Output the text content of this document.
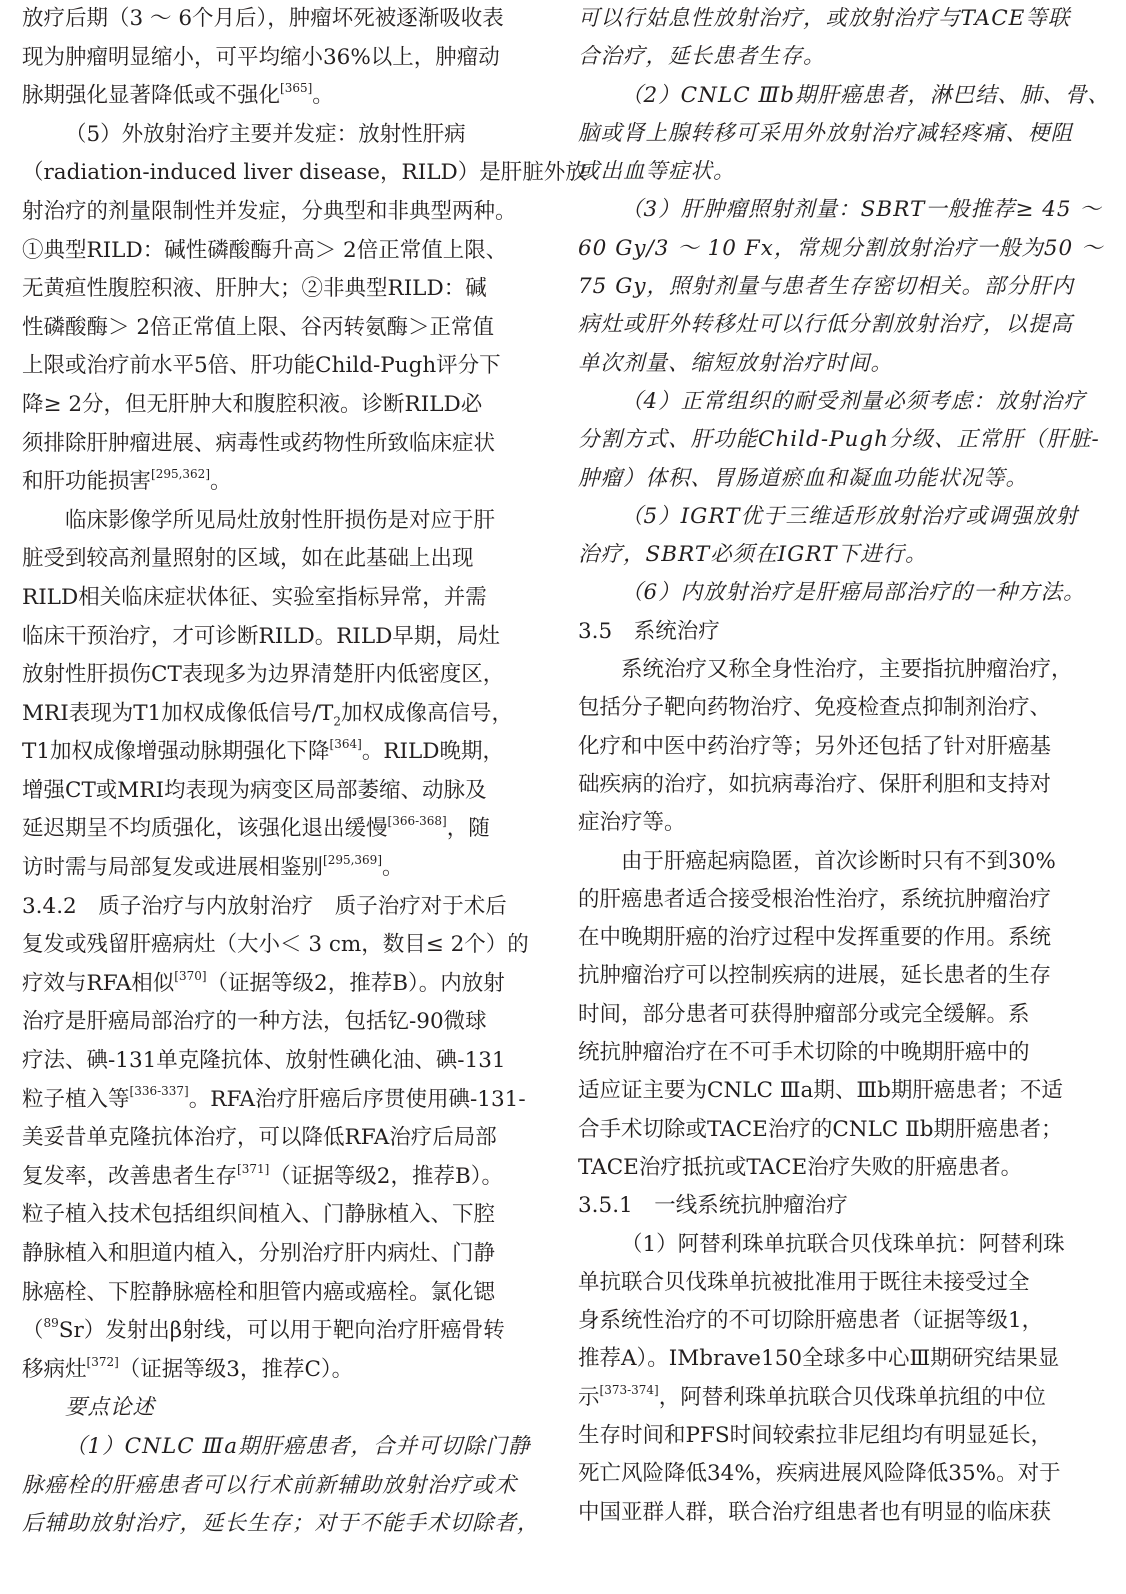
放疗后期（3 ～ 6个月后），肿瘤坏死被逐渐吸收表
现为肿瘤明显缩小，可平均缩小36%以上，肿瘤动
脉期强化显著降低或不强化[365]。
（5）外放射治疗主要并发症：放射性肝病
（radiation-induced liver disease，RILD）是肝脏外放
射治疗的剂量限制性并发症，分典型和非典型两种。
①典型RILD：碱性磷酸酶升高＞ 2倍正常值上限、
无黄疸性腹腔积液、肝肿大；②非典型RILD：碱
性磷酸酶＞ 2倍正常值上限、谷丙转氨酶＞正常值
上限或治疗前水平5倍、肝功能Child-Pugh评分下
降≥ 2分，但无肝肿大和腹腔积液。诊断RILD必
须排除肝肿瘤进展、病毒性或药物性所致临床症状
和肝功能损害[295,362]。
临床影像学所见局灶放射性肝损伤是对应于肝
脏受到较高剂量照射的区域，如在此基础上出现
RILD相关临床症状体征、实验室指标异常，并需
临床干预治疗，才可诊断RILD。RILD早期，局灶
放射性肝损伤CT表现多为边界清楚肝内低密度区，
MRI表现为T1加权成像低信号$/T_2$加权成像高信号，
T1加权成像增强动脉期强化下降[364]。RILD晚期，
增强CT或MRI均表现为病变区局部萎缩、动脉及
延迟期呈不均质强化，该强化退出缓慢[366-368]，随
访时需与局部复发或进展相鉴别[295,369]。
3.4.2　质子治疗与内放射治疗　质子治疗对于术后
复发或残留肝癌病灶（大小＜ 3 cm，数目≤ 2个）的
疗效与RFA相似[370]（证据等级2，推荐B）。内放射
治疗是肝癌局部治疗的一种方法，包括钇-90微球
疗法、碘-131单克隆抗体、放射性碘化油、碘-131
粒子植入等[336-337]。RFA治疗肝癌后序贯使用碘-131-
美妥昔单克隆抗体治疗，可以降低RFA治疗后局部
复发率，改善患者生存[371]（证据等级2，推荐B）。
粒子植入技术包括组织间植入、门静脉植入、下腔
静脉植入和胆道内植入，分别治疗肝内病灶、门静
脉癌栓、下腔静脉癌栓和胆管内癌或癌栓。氯化锶
（$^{89}$Sr）发射出β射线，可以用于靶向治疗肝癌骨转
移病灶[372]（证据等级3，推荐C）。
要点论述
（1）CNLC Ⅲa期肝癌患者，合并可切除门静
脉癌栓的肝癌患者可以行术前新辅助放射治疗或术
后辅助放射治疗，延长生存；对于不能手术切除者，
可以行姑息性放射治疗，或放射治疗与TACE等联
合治疗，延长患者生存。
（2）CNLC Ⅲb期肝癌患者，淋巴结、肺、骨、
脑或肾上腺转移可采用外放射治疗减轻疼痛、梗阻
或出血等症状。
（3）肝肿瘤照射剂量：SBRT一般推荐≥ 45 ～
60 Gy/3 ～ 10 Fx，常规分割放射治疗一般为50 ～
75 Gy，照射剂量与患者生存密切相关。部分肝内
病灶或肝外转移灶可以行低分割放射治疗，以提高
单次剂量、缩短放射治疗时间。
（4）正常组织的耐受剂量必须考虑：放射治疗
分割方式、肝功能Child-Pugh分级、正常肝（肝脏-
肿瘤）体积、胃肠道瘀血和凝血功能状况等。
（5）IGRT优于三维适形放射治疗或调强放射
治疗，SBRT必须在IGRT下进行。
（6）内放射治疗是肝癌局部治疗的一种方法。
3.5　系统治疗
系统治疗又称全身性治疗，主要指抗肿瘤治疗，
包括分子靶向药物治疗、免疫检查点抑制剂治疗、
化疗和中医中药治疗等；另外还包括了针对肝癌基
础疾病的治疗，如抗病毒治疗、保肝利胆和支持对
症治疗等。
由于肝癌起病隐匿，首次诊断时只有不到30%
的肝癌患者适合接受根治性治疗，系统抗肿瘤治疗
在中晚期肝癌的治疗过程中发挥重要的作用。系统
抗肿瘤治疗可以控制疾病的进展，延长患者的生存
时间，部分患者可获得肿瘤部分或完全缓解。系
统抗肿瘤治疗在不可手术切除的中晚期肝癌中的
适应证主要为CNLC Ⅲa期、Ⅲb期肝癌患者；不适
合手术切除或TACE治疗的CNLC Ⅱb期肝癌患者；
TACE治疗抵抗或TACE治疗失败的肝癌患者。
3.5.1　一线系统抗肿瘤治疗
（1）阿替利珠单抗联合贝伐珠单抗：阿替利珠
单抗联合贝伐珠单抗被批准用于既往未接受过全
身系统性治疗的不可切除肝癌患者（证据等级1，
推荐A）。IMbrave150全球多中心Ⅲ期研究结果显
示[373-374]，阿替利珠单抗联合贝伐珠单抗组的中位
生存时间和PFS时间较索拉非尼组均有明显延长，
死亡风险降低34%，疾病进展风险降低35%。对于
中国亚群人群，联合治疗组患者也有明显的临床获
